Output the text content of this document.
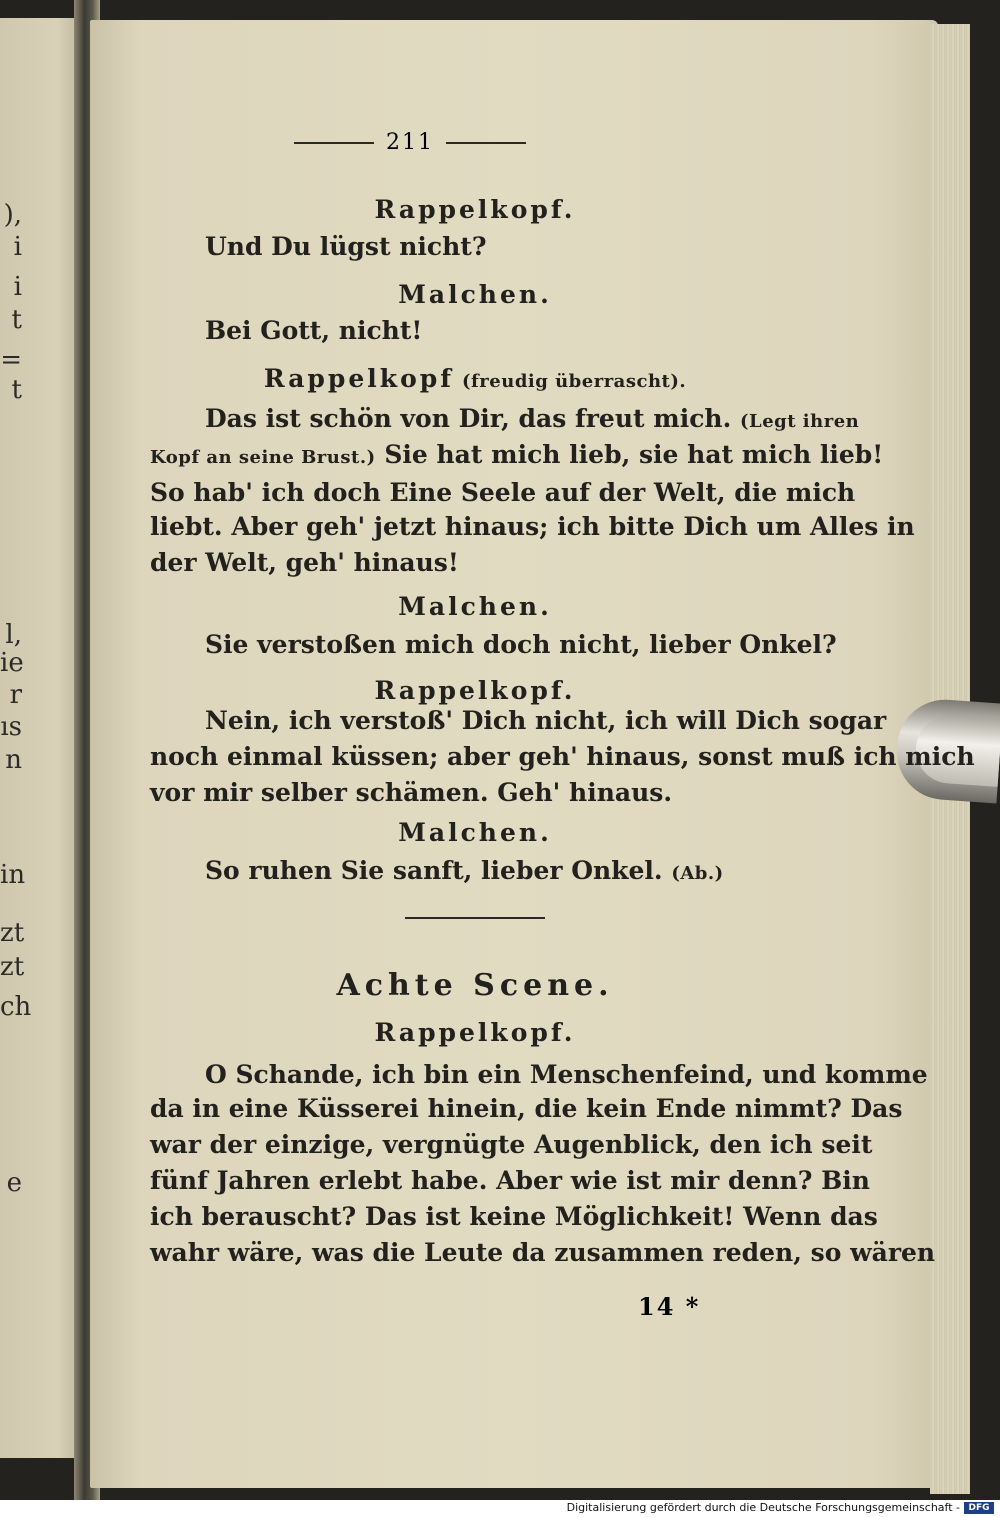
),
i
i
t
=
t
l,
ie
r
ıs
n
in
zt
zt
ch
e
211
Achte Scene.
Rappelkopf.
Und Du lügst nicht?
Malchen.
Bei Gott, nicht!
Rappelkopf (freudig überrascht).
Das ist schön von Dir, das freut mich. (Legt ihren
Kopf an seine Brust.) Sie hat mich lieb, sie hat mich lieb!
So hab' ich doch Eine Seele auf der Welt, die mich
liebt. Aber geh' jetzt hinaus; ich bitte Dich um Alles in
der Welt, geh' hinaus!
Malchen.
Sie verstoßen mich doch nicht, lieber Onkel?
Rappelkopf.
Nein, ich verstoß' Dich nicht, ich will Dich sogar
noch einmal küssen; aber geh' hinaus, sonst muß ich mich
vor mir selber schämen. Geh' hinaus.
Malchen.
So ruhen Sie sanft, lieber Onkel. (Ab.)
Rappelkopf.
O Schande, ich bin ein Menschenfeind, und komme
da in eine Küsserei hinein, die kein Ende nimmt? Das
war der einzige, vergnügte Augenblick, den ich seit
fünf Jahren erlebt habe. Aber wie ist mir denn? Bin
ich berauscht? Das ist keine Möglichkeit! Wenn das
wahr wäre, was die Leute da zusammen reden, so wären
14 *
Digitalisierung gefördert durch die Deutsche Forschungsgemeinschaft - DFG
